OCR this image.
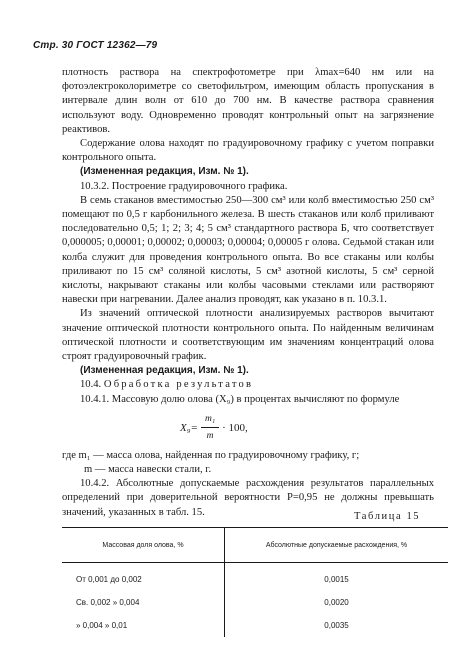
Стр. 30 ГОСТ 12362—79

плотность раствора на спектрофотометре при λmax=640 нм или на фотоэлектроколориметре со светофильтром, имеющим область пропускания в интервале длин волн от 610 до 700 нм. В качестве раствора сравнения используют воду. Одновременно проводят контрольный опыт на загрязнение реактивов.

Содержание олова находят по градуировочному графику с учетом поправки контрольного опыта.

(Измененная редакция, Изм. № 1).

10.3.2. Построение градуировочного графика.

В семь стаканов вместимостью 250—300 см³ или колб вместимостью 250 см³ помещают по 0,5 г карбонильного железа. В шесть стаканов или колб приливают последовательно 0,5; 1; 2; 3; 4; 5 см³ стандартного раствора Б, что соответствует 0,000005; 0,00001; 0,00002; 0,00003; 0,00004; 0,00005 г олова. Седьмой стакан или колба служит для проведения контрольного опыта. Во все стаканы или колбы приливают по 15 см³ соляной кислоты, 5 см³ азотной кислоты, 5 см³ серной кислоты, накрывают стаканы или колбы часовыми стеклами или растворяют навески при нагревании. Далее анализ проводят, как указано в п. 10.3.1.

Из значений оптической плотности анализируемых растворов вычитают значение оптической плотности контрольного опыта. По найденным величинам оптической плотности и соответствующим им значениям концентраций олова строят градуировочный график.

(Измененная редакция, Изм. № 1).

10.4. Обработка результатов

10.4.1. Массовую долю олова (X₉) в процентах вычисляют по формуле

$X_9= \frac{\text{m₁}}{m} \cdot 100$,

где m₁ — масса олова, найденная по градуировочному графику, г;

m — масса навески стали, г.

10.4.2. Абсолютные допускаемые расхождения результатов параллельных определений при доверительной вероятности P=0,95 не должны превышать значений, указанных в табл. 15.	Таблица 15
Массовая доля олова, %	Абсолютные допускаемые расхождения, %
От 0,001 до 0,002	0,0015
Св. 0,002 » 0,004	0,0020
» 0,004 » 0,01	0,0035
